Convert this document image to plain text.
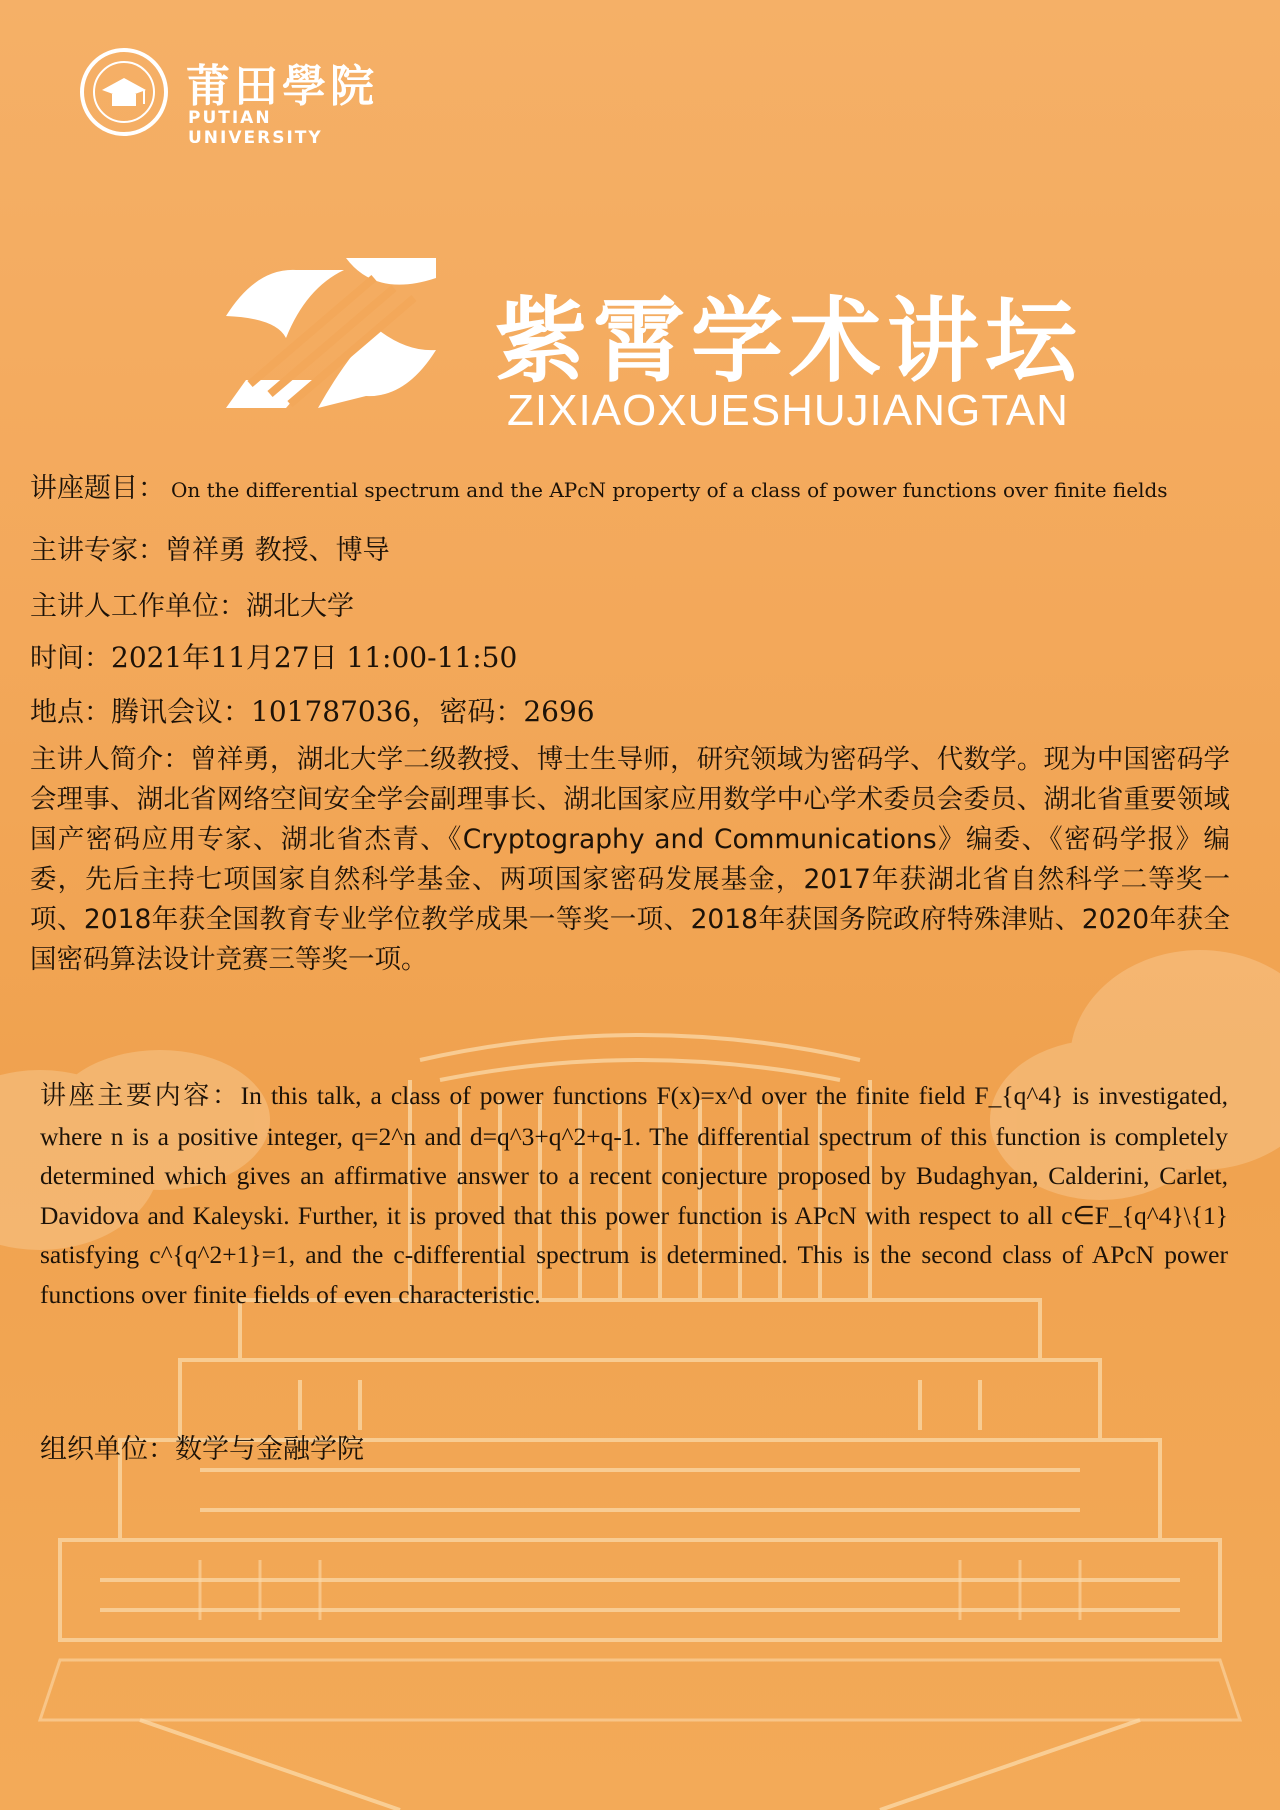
莆田學院
PUTIAN UNIVERSITY
紫霄学术讲坛
ZIXIAOXUESHUJIANGTAN
讲座题目： On the differential spectrum and the APcN property of a class of power functions over finite fields
主讲专家：曾祥勇 教授、博导
主讲人工作单位：湖北大学
时间：2021年11月27日 11:00-11:50
地点：腾讯会议：101787036，密码：2696
主讲人简介：曾祥勇，湖北大学二级教授、博士生导师，研究领域为密码学、代数学。现为中国密码学会理事、湖北省网络空间安全学会副理事长、湖北国家应用数学中心学术委员会委员、湖北省重要领域国产密码应用专家、湖北省杰青、《Cryptography and Communications》编委、《密码学报》编委，先后主持七项国家自然科学基金、两项国家密码发展基金，2017年获湖北省自然科学二等奖一项、2018年获全国教育专业学位教学成果一等奖一项、2018年获国务院政府特殊津贴、2020年获全国密码算法设计竞赛三等奖一项。
讲座主要内容：In this talk, a class of power functions F(x)=x^d over the finite field F_{q^4} is investigated, where n is a positive integer, q=2^n and d=q^3+q^2+q-1. The differential spectrum of this function is completely determined which gives an affirmative answer to a recent conjecture proposed by Budaghyan, Calderini, Carlet, Davidova and Kaleyski. Further, it is proved that this power function is APcN with respect to all c∈F_{q^4}\{1} satisfying c^{q^2+1}=1, and the c-differential spectrum is determined. This is the second class of APcN power functions over finite fields of even characteristic.
组织单位：数学与金融学院
